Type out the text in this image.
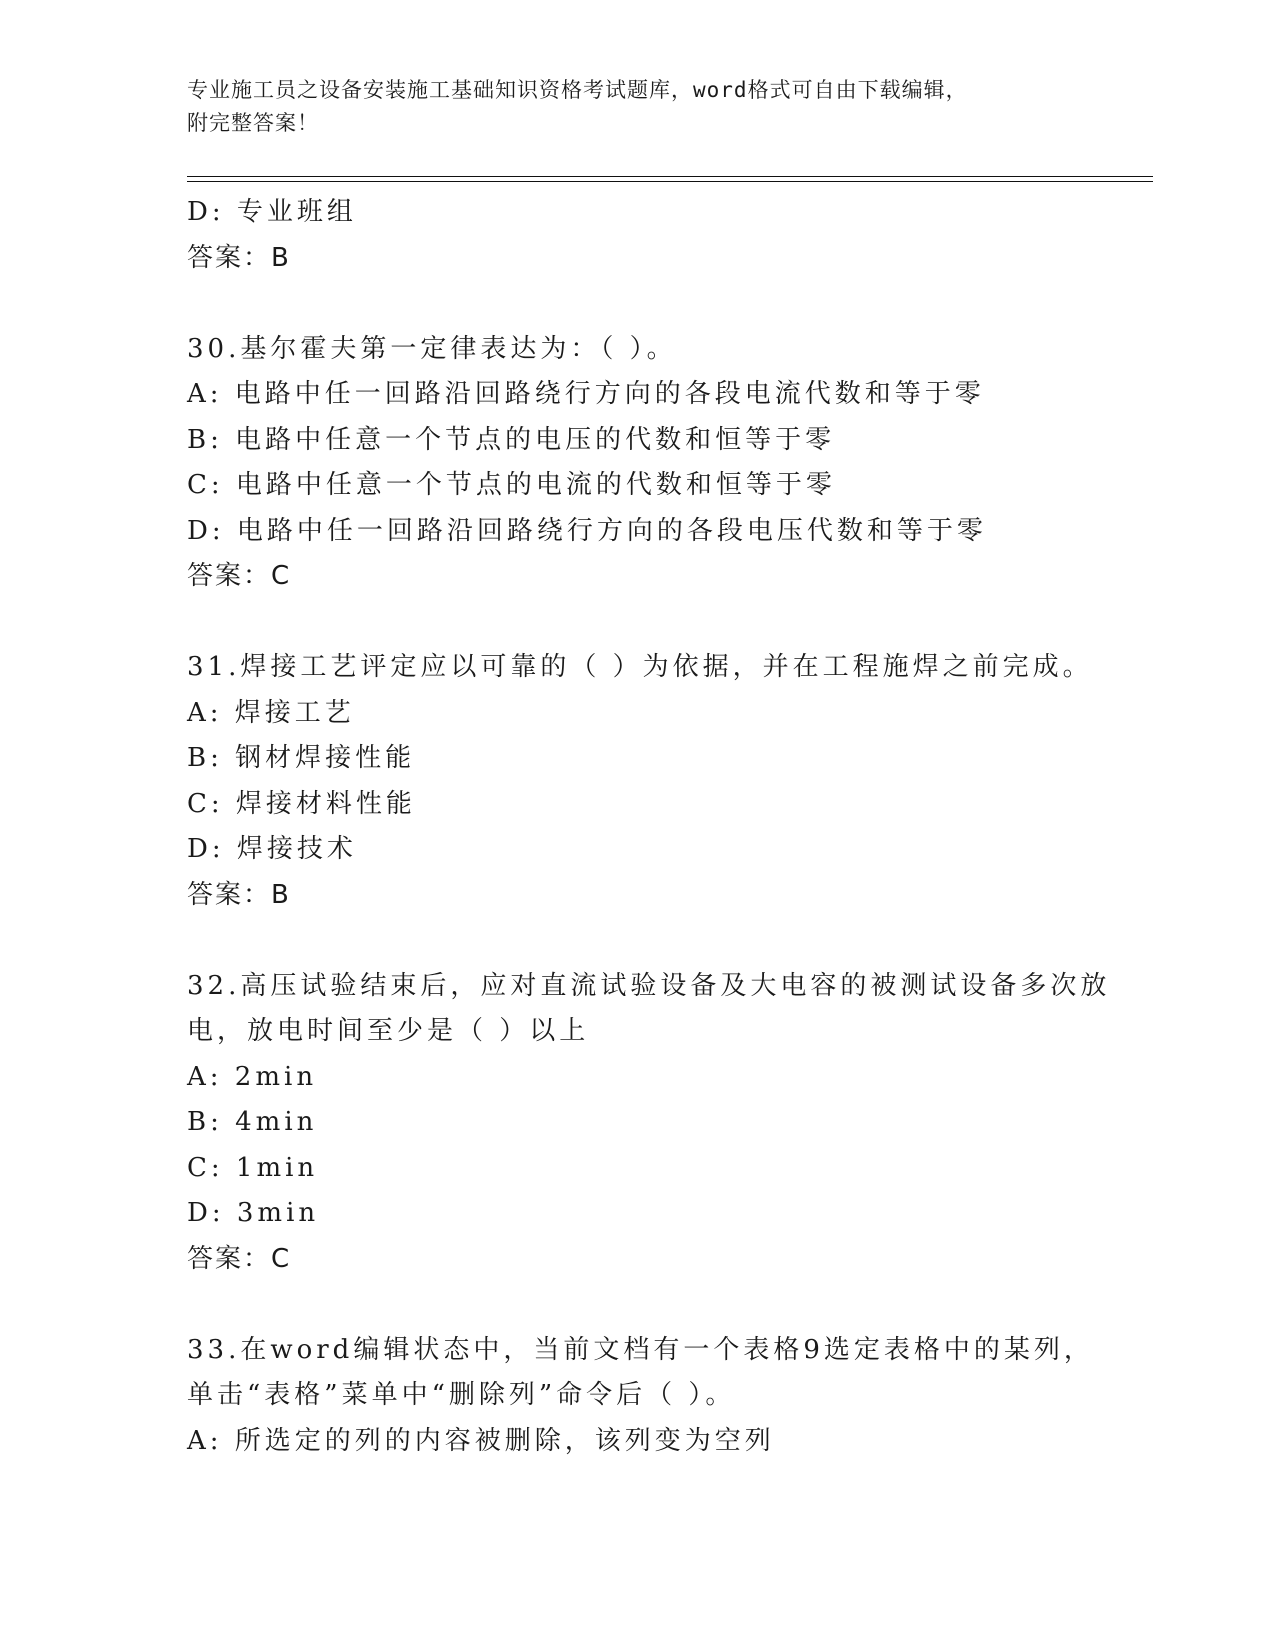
专业施工员之设备安装施工基础知识资格考试题库，word格式可自由下载编辑，
附完整答案！
D: 专业班组
答案：B
30.基尔霍夫第一定律表达为：（ ）。
A: 电路中任一回路沿回路绕行方向的各段电流代数和等于零
B: 电路中任意一个节点的电压的代数和恒等于零
C: 电路中任意一个节点的电流的代数和恒等于零
D: 电路中任一回路沿回路绕行方向的各段电压代数和等于零
答案：C
31.焊接工艺评定应以可靠的（ ）为依据，并在工程施焊之前完成。
A: 焊接工艺
B: 钢材焊接性能
C: 焊接材料性能
D: 焊接技术
答案：B
32.高压试验结束后，应对直流试验设备及大电容的被测试设备多次放
电，放电时间至少是（ ）以上
A: 2min
B: 4min
C: 1min
D: 3min
答案：C
33.在word编辑状态中，当前文档有一个表格9选定表格中的某列，
单击“表格”菜单中“删除列”命令后（ ）。
A: 所选定的列的内容被删除，该列变为空列
